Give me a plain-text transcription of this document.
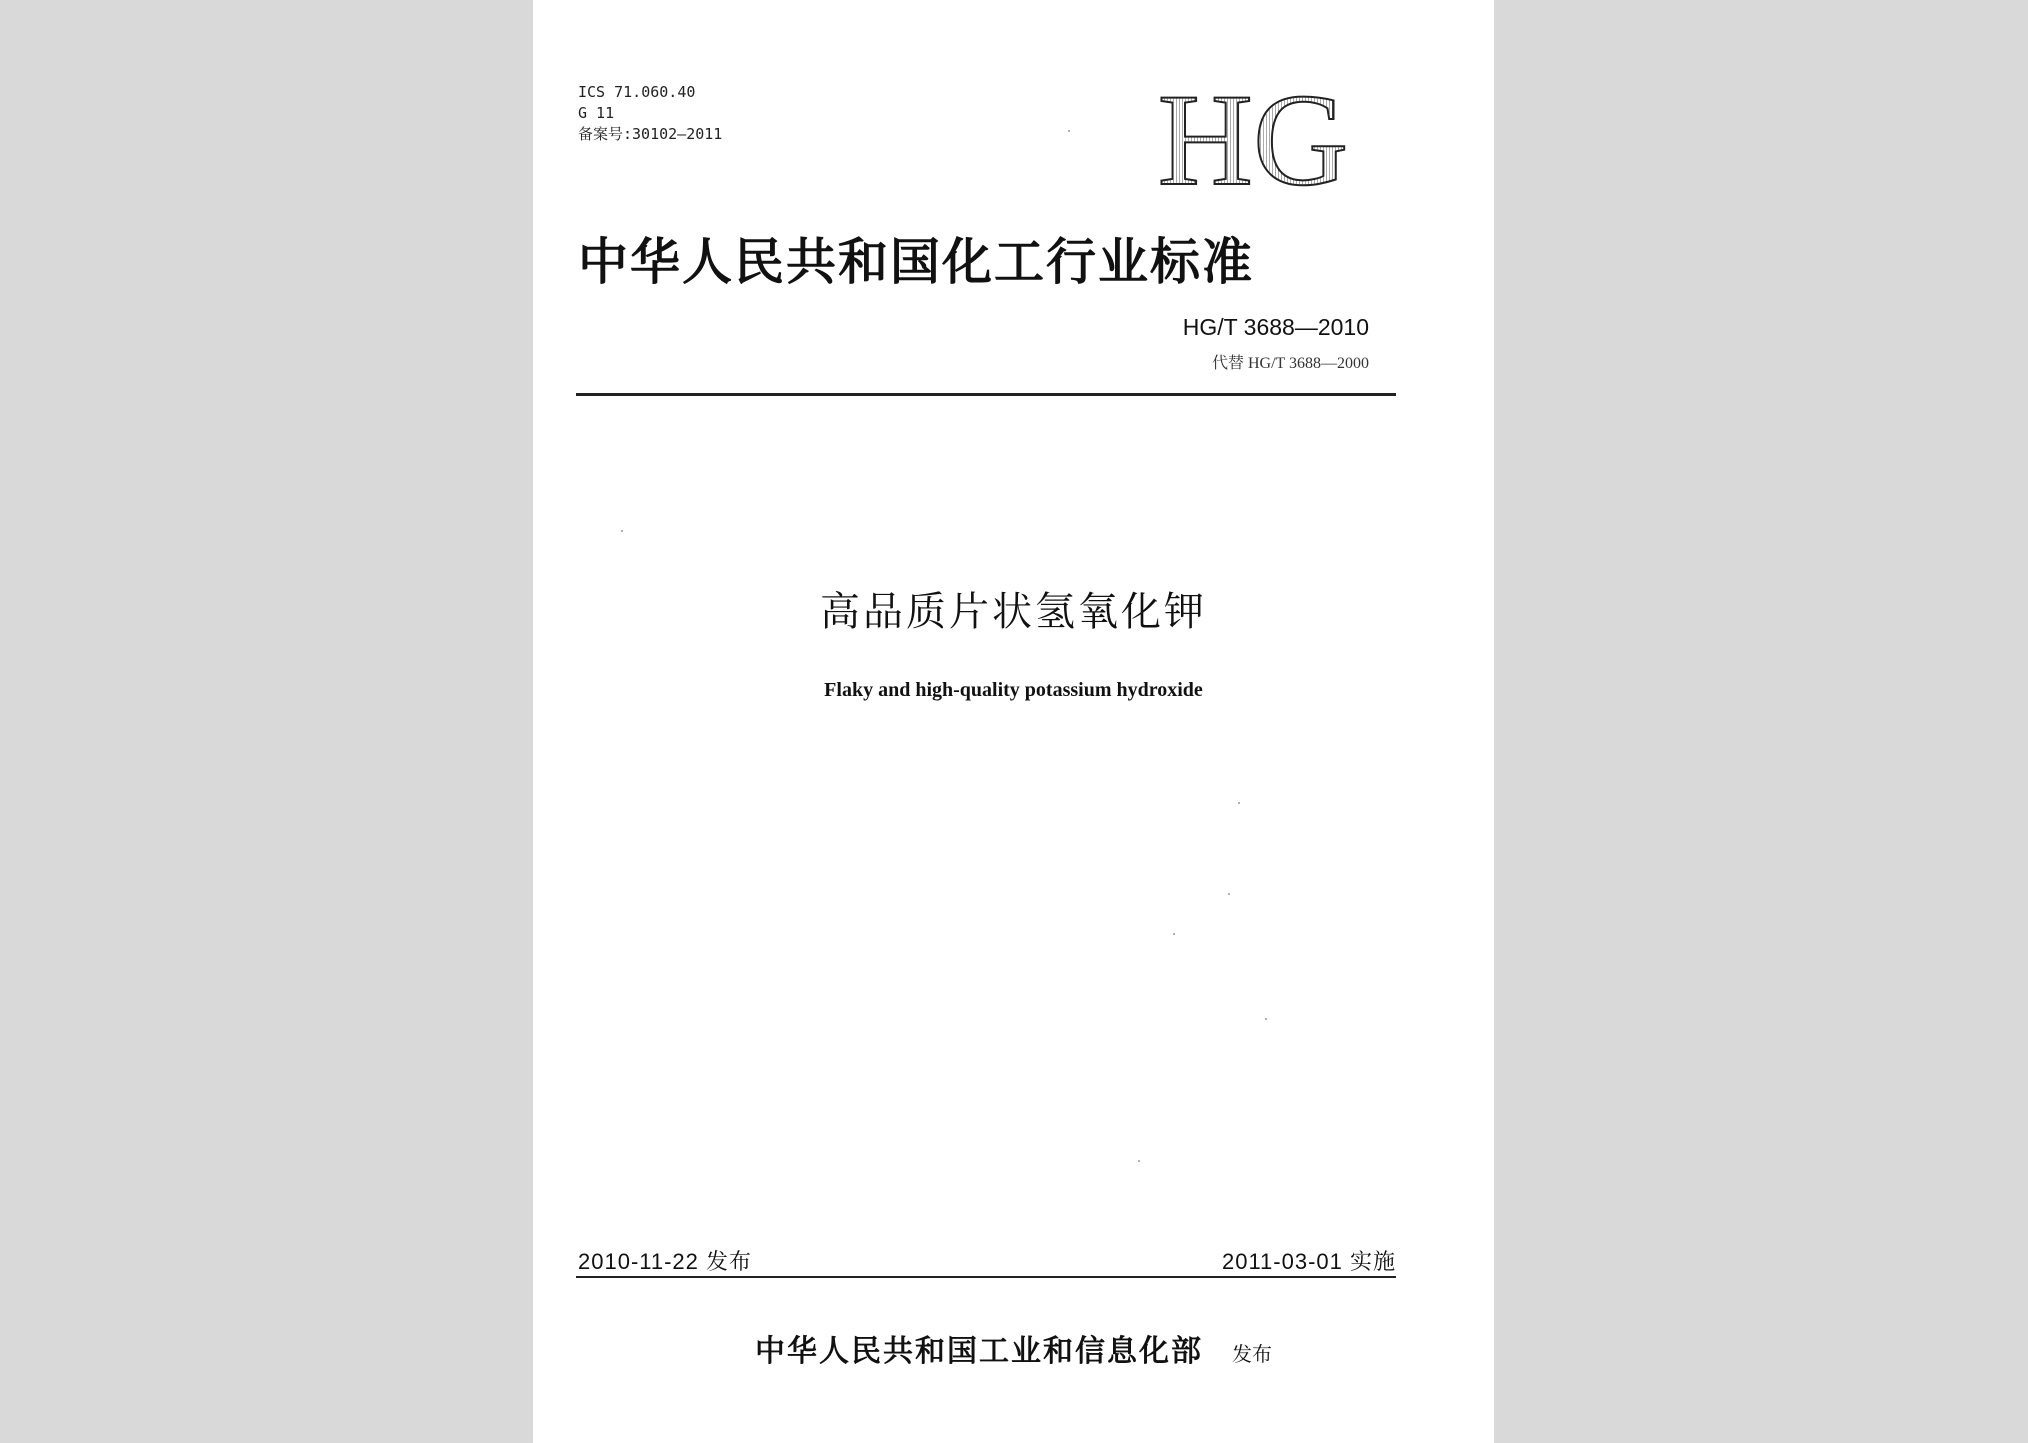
ICS 71.060.40
G 11
备案号:30102—2011	HG
中华人民共和国化工行业标准
HG/T 3688—2010
代替 HG/T 3688—2000
高品质片状氢氧化钾
Flaky and high-quality potassium hydroxide
2010-11-22 发布	2011-03-01 实施
中华人民共和国工业和信息化部 发布
